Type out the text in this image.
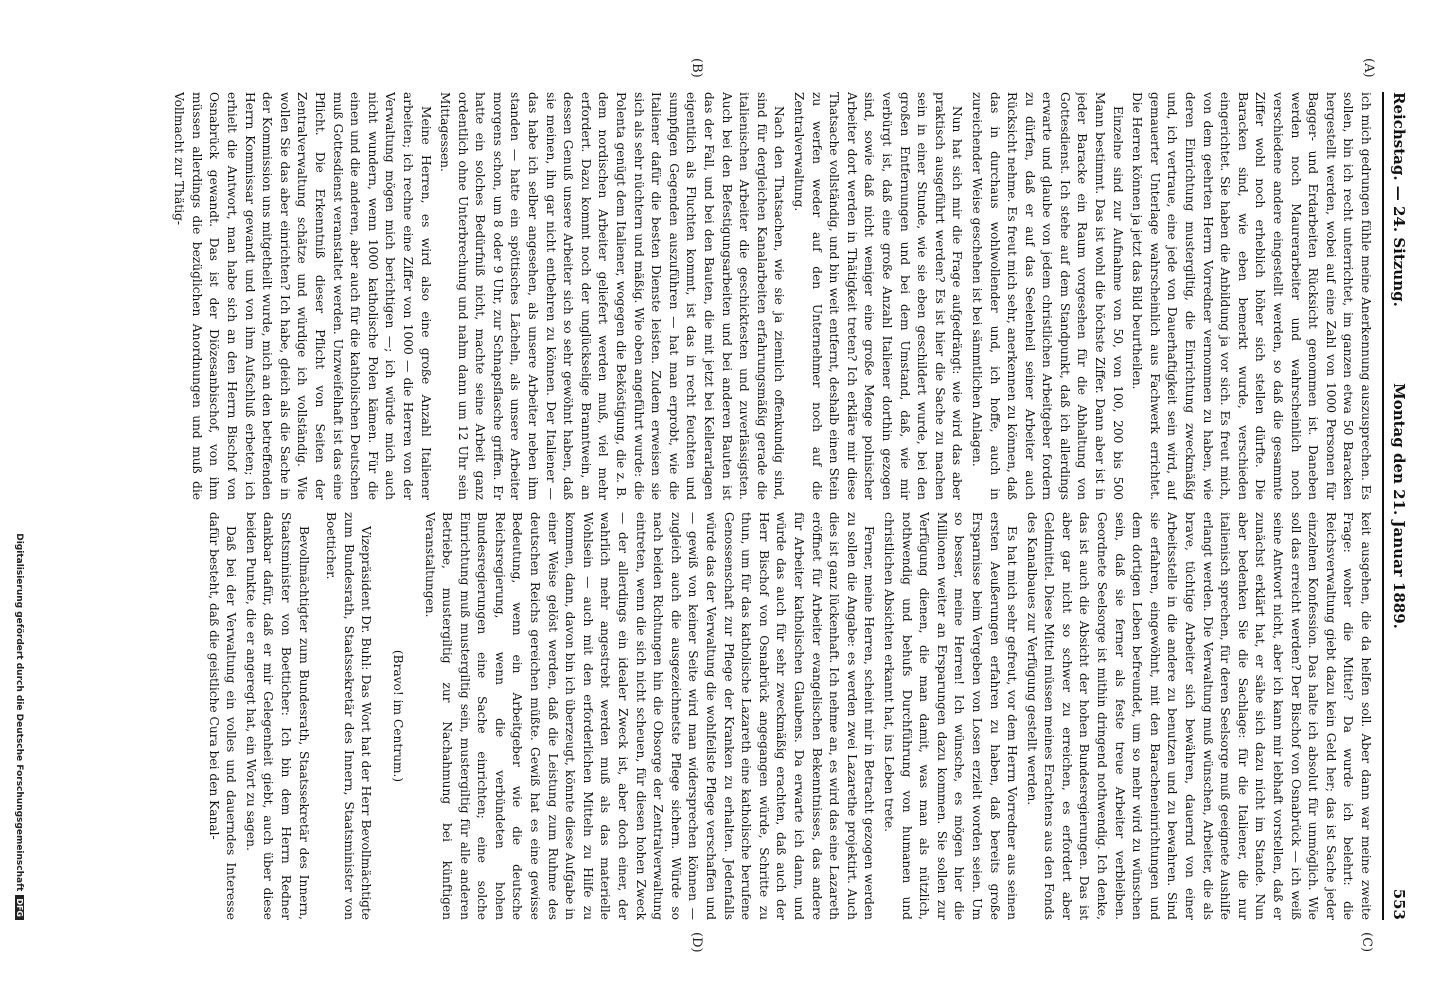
Reichstag. — 24. Sitzung.
Montag den 21. Januar 1889.
553
(A)
(B)
(C)
(D)

ich mich gedrungen fühle meine Anerkennung auszusprechen. Es sollen, bin ich recht unterrichtet, im ganzen etwa 50 Baracken hergestellt werden, wobei auf eine Zahl von 1000 Personen für Bagger- und Erdarbeiten Rücksicht genommen ist. Daneben werden noch Maurerarbeiter und wahrscheinlich noch verschiedene andere eingestellt werden, so daß die gesammte Ziffer wohl noch erheblich höher sich stellen dürfte. Die Baracken sind, wie eben bemerkt wurde, verschieden eingerichtet. Sie haben die Anbildung ja vor sich. Es freut mich, von dem geehrten Herrn Vorredner vernommen zu haben, wie deren Einrichtung mustergiltig, die Einrichtung zweckmäßig und, ich vertraue, eine jede von Dauerhaftigkeit sein wird, auf gemauerter Unterlage wahrscheinlich aus Fachwerk errichtet. Die Herren können ja jetzt das Bild beurtheilen.

Einzelne sind zur Aufnahme von 50, von 100, 200 bis 500 Mann bestimmt. Das ist wohl die höchste Ziffer. Dann aber ist in jeder Baracke ein Raum vorgesehen für die Abhaltung von Gottesdienst. Ich stehe auf dem Standpunkt, daß ich allerdings erwarte und glaube von jedem christlichen Arbeitgeber fordern zu dürfen, daß er auf das Seelenheil seiner Arbeiter auch Rücksicht nehme. Es freut mich sehr, anerkennen zu können, daß das in durchaus wohlwollender und, ich hoffe, auch in zureichender Weise geschehen ist bei sämmtlichen Anlagen.

Nun hat sich mir die Frage aufgedrängt: wie wird das aber praktisch ausgeführt werden? Es ist hier die Sache zu machen sein in einer Stunde, wie sie eben geschildert wurde, bei den großen Entfernungen und bei dem Umstand, daß, wie mir verbürgt ist, daß eine große Anzahl Italiener dorthin gezogen sind, sowie daß nicht weniger eine große Menge polnischer Arbeiter dort werden in Thätigkeit treten? Ich erkläre mir diese Thatsache vollständig, und bin weit entfernt, deshalb einen Stein zu werfen weder auf den Unternehmer noch auf die Zentralverwaltung.

Nach den Thatsachen, wie sie ja ziemlich offenkundig sind, sind für dergleichen Kanalarbeiten erfahrungsmäßig gerade die italienischen Arbeiter die geschicktesten und zuverlässigsten. Auch bei den Befestigungsarbeiten und bei anderen Bauten ist das der Fall, und bei den Bauten, die mit jetzt bei Kellerarlagen eigentlich als Fluchten kommt, ist das in recht feuchten und sumpfigen Gegenden auszuführen — hat man erprobt, wie die Italiener dafür die besten Dienste leisten. Zudem erweisen sie sich als sehr nüchtern und mäßig. Wie oben angeführt wurde: die Polenta genügt dem Italiener, wogegen die Beköstigung, die z. B. dem nordischen Arbeiter geliefert werden muß, viel mehr erfordert. Dazu kommt noch der unglückselige Branntwein, an dessen Genuß unsere Arbeiter sich so sehr gewöhnt haben, daß sie meinen, ihn gar nicht entbehren zu können. Der Italiener — das habe ich selber angesehen, als unsere Arbeiter neben ihm standen — hatte ein spöttisches Lächeln, als unsere Arbeiter morgens schon, um 8 oder 9 Uhr, zur Schnapsflasche griffen. Er hatte ein solches Bedürfniß nicht, machte seine Arbeit ganz ordentlich ohne Unterbrechung und nahm dann um 12 Uhr sein Mittagessen.

Meine Herren, es wird also eine große Anzahl Italiener arbeiten; ich rechne eine Ziffer von 1000 — die Herren von der Verwaltung mögen mich berichtigen —; ich würde mich auch nicht wundern, wenn 1000 katholische Polen kämen. Für die einen und die anderen, aber auch für die katholischen Deutschen muß Gottesdienst veranstaltet werden. Unzweifelhaft ist das eine Pflicht. Die Erkenntniß dieser Pflicht von Seiten der Zentralverwaltung schätze und würdige ich vollständig. Wie wollen Sie das aber einrichten? Ich habe, gleich als die Sache in der Kommission uns mitgetheilt wurde, mich an den betreffenden Herrn Kommissar gewandt und von ihm Aufschluß erbeten; ich erhielt die Antwort, man habe sich an den Herrn Bischof von Osnabrück gewandt. Das ist der Diözesanbischof, von ihm müssen allerdings die bezüglichen Anordnungen und muß die Vollmacht zur Thätig-

keit ausgehen, die da helfen soll. Aber dann war meine zweite Frage: woher die Mittel? Da wurde ich belehrt: die Reichsverwaltung giebt dazu kein Geld her; das ist Sache jeder einzelnen Konfession. Das halte ich absolut für unmöglich. Wie soll das erreicht werden? Der Bischof von Osnabrück — ich weiß seine Antwort nicht, aber ich kann mir lebhaft vorstellen, daß er zunächst erklärt hat, er sähe sich dazu nicht im Stande. Nun aber bedenken Sie die Sachlage: für die Italiener, die nur italienisch sprechen, für deren Seelsorge muß geeignete Aushilfe erlangt werden. Die Verwaltung muß wünschen, Arbeiter, die als brave, tüchtige Arbeiter sich bewähren, dauernd von einer Arbeitsstelle in die andere zu benutzen und zu bewahren. Sind sie erfahren, eingewöhnt, mit den Baracheneinrichtungen und dem dortigen Leben befreundet, um so mehr wird zu wünschen sein, daß sie ferner als feste treue Arbeiter verbleiben. Geordnete Seelsorge ist mithin dringend nothwendig. Ich denke, das ist auch die Absicht der hohen Bundesregierungen. Das ist aber gar nicht so schwer zu erreichen, es erfordert aber Geldmittel. Diese Mittel müssen meines Erachtens aus den Fonds des Kanalbaues zur Verfügung gestellt werden.

Es hat mich sehr gefreut, vor dem Herrn Vorredner aus seinen ersten Aeußerungen erfahren zu haben, daß bereits große Ersparnisse beim Vergeben von Losen erzielt worden seien. Um so besser, meine Herren! Ich wünsche, es mögen hier die Millionen weiter an Ersparungen dazu kommen. Sie sollen zur Verfügung dienen, die man damit, was man als nützlich, nothwendig und behufs Durchführung von humanen und christlichen Absichten erkannt hat, ins Leben trete.

Ferner, meine Herren, scheint mir in Betracht gezogen werden zu sollen die Angabe: es werden zwei Lazarethe projektirt. Auch dies ist ganz lückenhaft. Ich nehme an, es wird das eine Lazareth eröffnet für Arbeiter evangelischen Bekenntnisses, das andere für Arbeiter katholischen Glaubens. Da erwarte ich dann, und würde das auch für sehr zweckmäßig erachten, daß auch der Herr Bischof von Osnabrück angegangen würde, Schritte zu thun, um für das katholische Lazareth eine katholische berufene Genossenschaft zur Pflege der Kranken zu erhalten. Jedenfalls würde das der Verwaltung die wohlfeilste Pflege verschaffen und — gewiß von keiner Seite wird man widersprechen können — zugleich auch die ausgezeichnetste Pflege sichern. Würde so nach beiden Richtungen hin die Obsorge der Zentralverwaltung eintreten, wenn die sich nicht scheuen, für diesen hohen Zweck — der allerdings ein idealer Zweck ist, aber doch einer, der wahrlich mehr angestrebt werden muß als das materielle Wohlsein — auch mit den erforderlichen Mitteln zu Hilfe zu kommen, dann, davon bin ich überzeugt, könnte diese Aufgabe in einer Weise gelöst werden, daß die Leistung zum Ruhme des deutschen Reichs gereichen müßte. Gewiß hat es eine gewisse Bedeutung, wenn ein Arbeitgeber wie die deutsche Reichsregierung, wenn die verbündeten hohen Bundesregierungen eine Sache einrichten; eine solche Einrichtung muß mustergiltig sein, mustergiltig für alle anderen Betriebe, mustergiltig zur Nachahmung bei künftigen Veranstaltungen.

(Bravo! im Centrum.)

Vizepräsident Dr. Buhl: Das Wort hat der Herr Bevollmächtigte zum Bundesrath, Staatssekretär des Innern, Staatsminister von Boetticher.

Bevollmächtigter zum Bundesrath, Staatssekretär des Innern, Staatsminister von Boetticher: Ich bin dem Herrn Redner dankbar dafür, daß er mir Gelegenheit giebt, auch über diese beiden Punkte, die er angeregt hat, ein Wort zu sagen.

Daß bei der Verwaltung ein volles und dauerndes Interesse dafür besteht, daß die geistliche Cura bei den Kanal-

Digitalisierung gefördert durch die Deutsche ForschungsgemeinschaftDFG
